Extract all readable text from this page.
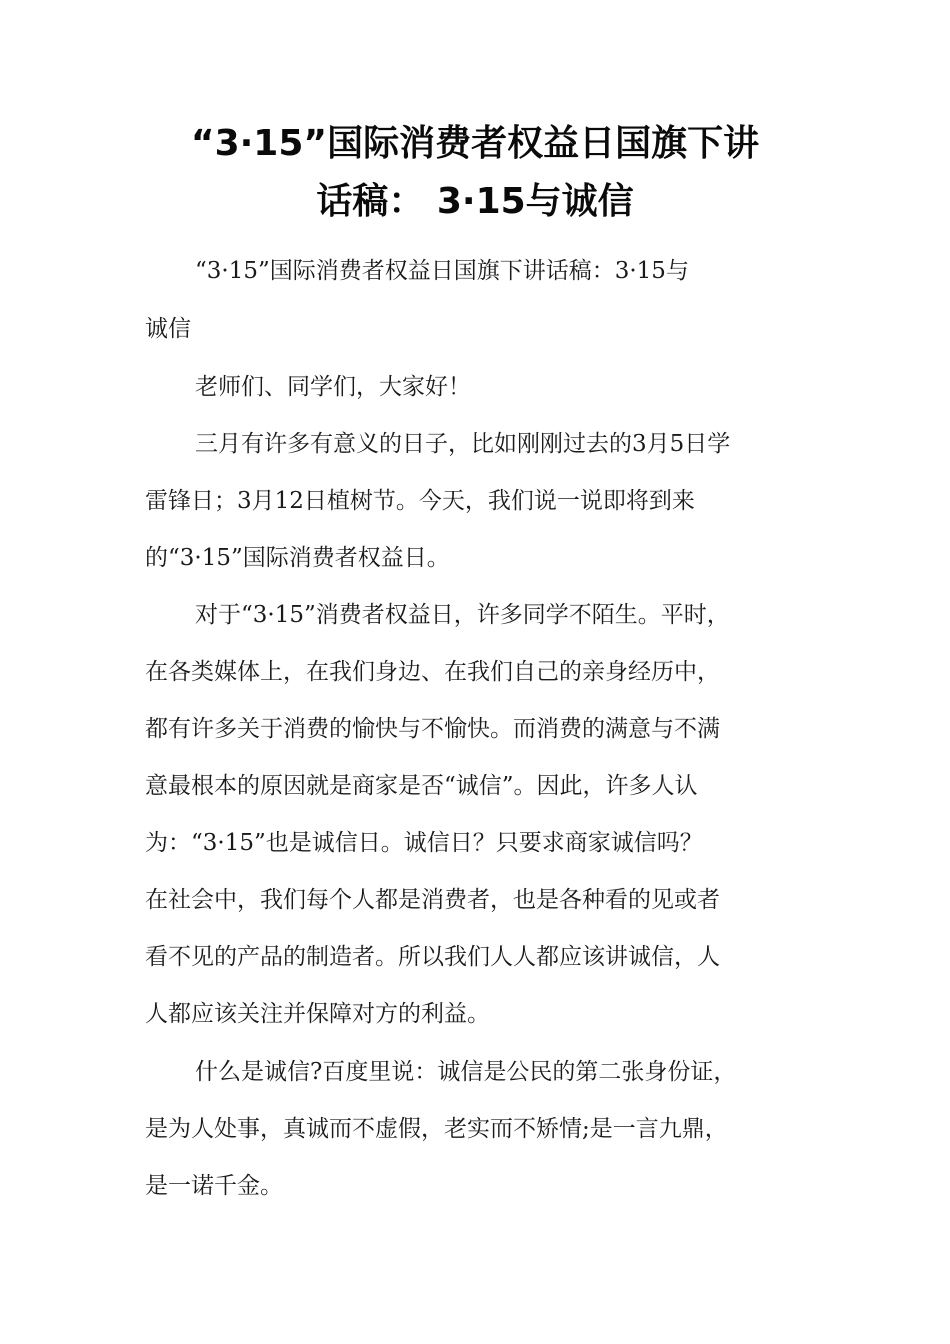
“3·15”国际消费者权益日国旗下讲
话稿： 3·15与诚信
“3·15”国际消费者权益日国旗下讲话稿：3·15与
诚信
老师们、同学们，大家好！
三月有许多有意义的日子，比如刚刚过去的3月5日学
雷锋日；3月12日植树节。今天，我们说一说即将到来
的“3·15”国际消费者权益日。
对于“3·15”消费者权益日，许多同学不陌生。平时，
在各类媒体上，在我们身边、在我们自己的亲身经历中，
都有许多关于消费的愉快与不愉快。而消费的满意与不满
意最根本的原因就是商家是否“诚信”。因此，许多人认
为：“3·15”也是诚信日。诚信日？只要求商家诚信吗？
在社会中，我们每个人都是消费者，也是各种看的见或者
看不见的产品的制造者。所以我们人人都应该讲诚信，人
人都应该关注并保障对方的利益。
什么是诚信?百度里说：诚信是公民的第二张身份证，
是为人处事，真诚而不虚假，老实而不矫情;是一言九鼎，
是一诺千金。
